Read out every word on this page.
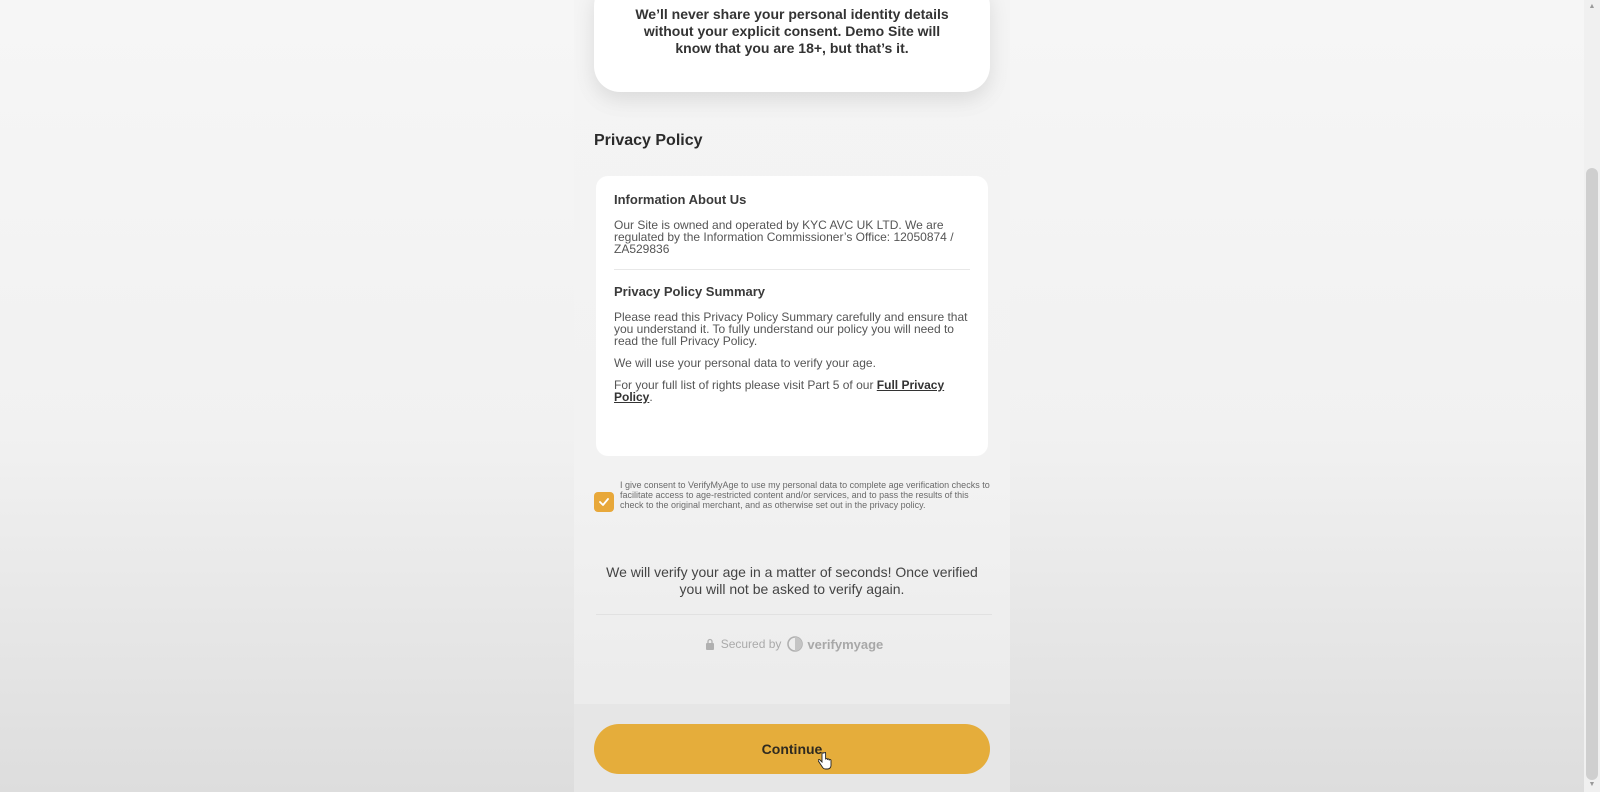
We’ll never share your personal identity details without your explicit consent. Demo Site will know that you are 18+, but that’s it.

Privacy Policy
Information About Us

Our Site is owned and operated by KYC AVC UK LTD. We are regulated by the Information Commissioner’s Office: 12050874 / ZA529836

Privacy Policy Summary

Please read this Privacy Policy Summary carefully and ensure that you understand it. To fully understand our policy you will need to read the full Privacy Policy.

We will use your personal data to verify your age.

For your full list of rights please visit Part 5 of our Full Privacy Policy.

I give consent to VerifyMyAge to use my personal data to complete age verification checks to facilitate access to age-restricted content and/or services, and to pass the results of this check to the original merchant, and as otherwise set out in the privacy policy.
We will verify your age in a matter of seconds! Once verified you will not be asked to verify again.
Secured by verifymyage
Continue
▲
▼
